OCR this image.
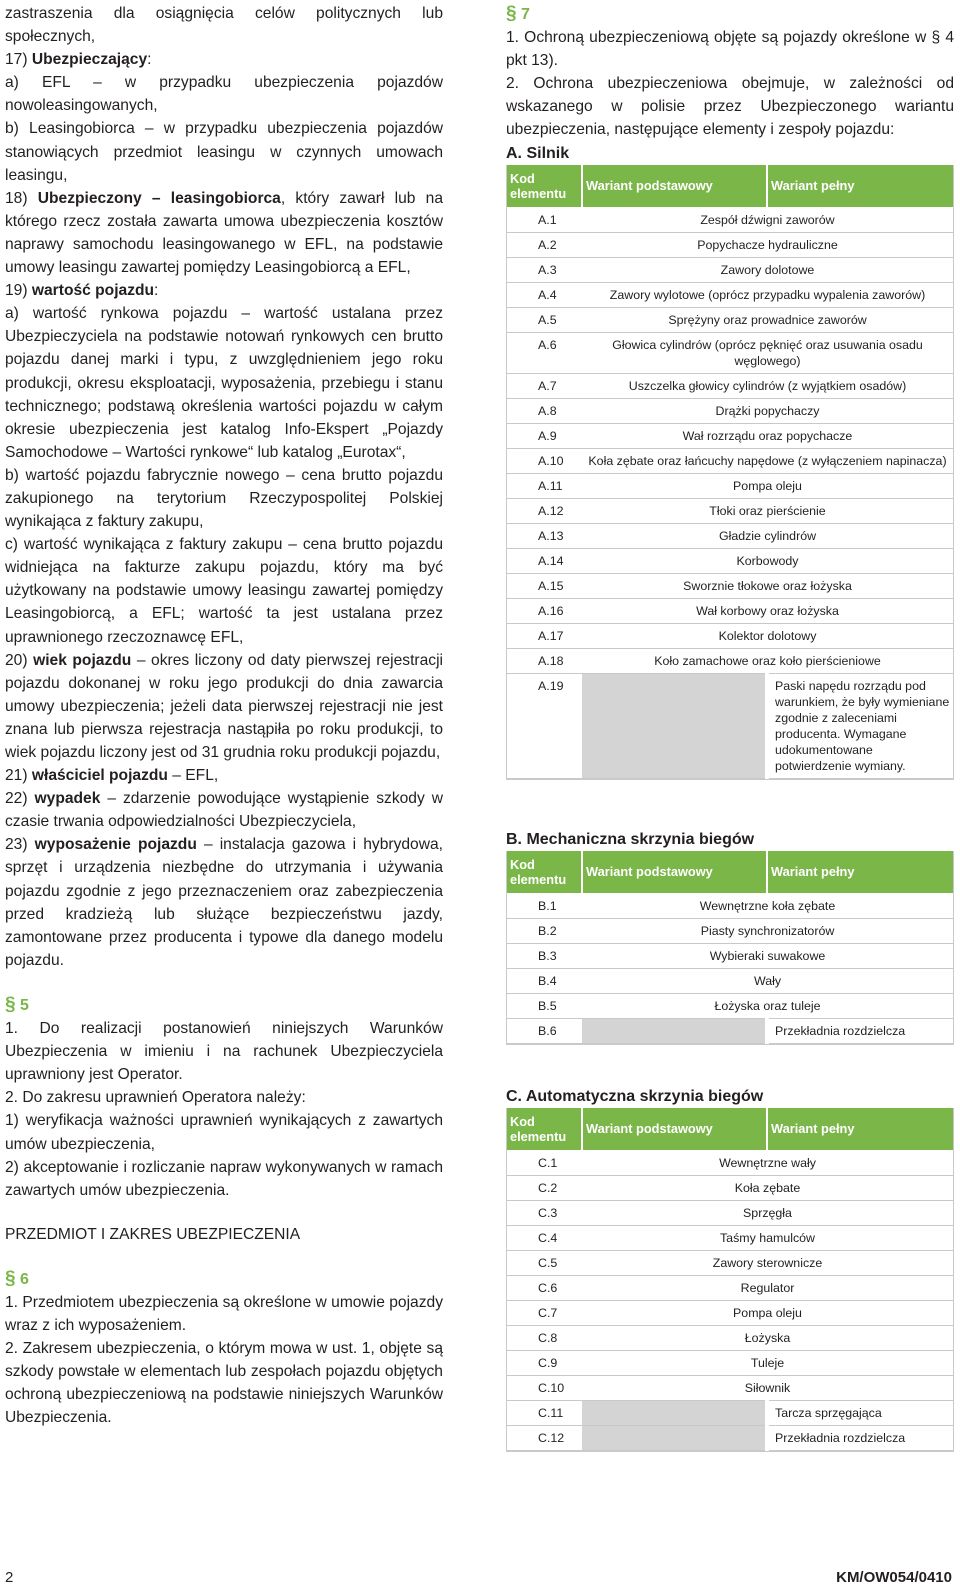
zastraszenia dla osiągnięcia celów politycznych lub społecznych,

17) Ubezpieczający:

a) EFL – w przypadku ubezpieczenia pojazdów nowoleasingowanych,

b) Leasingobiorca – w przypadku ubezpieczenia pojazdów stanowiących przedmiot leasingu w czynnych umowach leasingu,

18) Ubezpieczony – leasingobiorca, który zawarł lub na którego rzecz została zawarta umowa ubezpieczenia kosztów naprawy samochodu leasingowanego w EFL, na podstawie umowy leasingu zawartej pomiędzy Leasingobiorcą a EFL,

19) wartość pojazdu:

a) wartość rynkowa pojazdu – wartość ustalana przez Ubezpieczyciela na podstawie notowań rynkowych cen brutto pojazdu danej marki i typu, z uwzględnieniem jego roku produkcji, okresu eksploatacji, wyposażenia, przebiegu i stanu technicznego; podstawą określenia wartości pojazdu w całym okresie ubezpieczenia jest katalog Info-Ekspert „Pojazdy Samochodowe – Wartości rynkowe“ lub katalog „Eurotax“,

b) wartość pojazdu fabrycznie nowego – cena brutto pojazdu zakupionego na terytorium Rzeczypospolitej Polskiej wynikająca z faktury zakupu,

c) wartość wynikająca z faktury zakupu – cena brutto pojazdu widniejąca na fakturze zakupu pojazdu, który ma być użytkowany na podstawie umowy leasingu zawartej pomiędzy Leasingobiorcą, a EFL; wartość ta jest ustalana przez uprawnionego rzeczoznawcę EFL,

20) wiek pojazdu – okres liczony od daty pierwszej rejestracji pojazdu dokonanej w roku jego produkcji do dnia zawarcia umowy ubezpieczenia; jeżeli data pierwszej rejestracji nie jest znana lub pierwsza rejestracja nastąpiła po roku produkcji, to wiek pojazdu liczony jest od 31 grudnia roku produkcji pojazdu,

21) właściciel pojazdu – EFL,

22) wypadek – zdarzenie powodujące wystąpienie szkody w czasie trwania odpowiedzialności Ubezpieczyciela,

23) wyposażenie pojazdu – instalacja gazowa i hybrydowa, sprzęt i urządzenia niezbędne do utrzymania i używania pojazdu zgodnie z jego przeznaczeniem oraz zabezpieczenia przed kradzieżą lub służące bezpieczeństwu jazdy, zamontowane przez producenta i typowe dla danego modelu pojazdu.

§ 5

1. Do realizacji postanowień niniejszych Warunków Ubezpieczenia w imieniu i na rachunek Ubezpieczyciela uprawniony jest Operator.

2. Do zakresu uprawnień Operatora należy:

1) weryfikacja ważności uprawnień wynikających z zawartych umów ubezpieczenia,

2) akceptowanie i rozliczanie napraw wykonywanych w ramach zawartych umów ubezpieczenia.

PRZEDMIOT I ZAKRES UBEZPIECZENIA

§ 6

1. Przedmiotem ubezpieczenia są określone w umowie pojazdy wraz z ich wyposażeniem.

2. Zakresem ubezpieczenia, o którym mowa w ust. 1, objęte są szkody powstałe w elementach lub zespołach pojazdu objętych ochroną ubezpieczeniową na podstawie niniejszych Warunków Ubezpieczenia.

§ 7

1. Ochroną ubezpieczeniową objęte są pojazdy określone w § 4 pkt 13).

2. Ochrona ubezpieczeniowa obejmuje, w zależności od wskazanego w polisie przez Ubezpieczonego wariantu ubezpieczenia, następujące elementy i zespoły pojazdu:

A. Silnik

Kod elementu	Wariant podstawowy	Wariant pełny
A.1	Zespół dźwigni zaworów	
A.2	Popychacze hydrauliczne	
A.3	Zawory dolotowe	
A.4	Zawory wylotowe (oprócz przypadku wypalenia zaworów)	
A.5	Sprężyny oraz prowadnice zaworów	
A.6	Głowica cylindrów (oprócz pęknięć oraz usuwania osadu węglowego)	
A.7	Uszczelka głowicy cylindrów (z wyjątkiem osadów)	
A.8	Drążki popychaczy	
A.9	Wał rozrządu oraz popychacze	
A.10	Koła zębate oraz łańcuchy napędowe (z wyłączeniem napinacza)	
A.11	Pompa oleju	
A.12	Tłoki oraz pierścienie	
A.13	Gładzie cylindrów	
A.14	Korbowody	
A.15	Sworznie tłokowe oraz łożyska	
A.16	Wał korbowy oraz łożyska	
A.17	Kolektor dolotowy	
A.18	Koło zamachowe oraz koło pierścieniowe	
A.19		Paski napędu rozrządu pod warunkiem, że były wymieniane zgodnie z zaleceniami producenta. Wymagane udokumentowane potwierdzenie wymiany.

B. Mechaniczna skrzynia biegów

Kod elementu	Wariant podstawowy	Wariant pełny
B.1	Wewnętrzne koła zębate	
B.2	Piasty synchronizatorów	
B.3	Wybieraki suwakowe	
B.4	Wały	
B.5	Łożyska oraz tuleje	
B.6		Przekładnia rozdzielcza

C. Automatyczna skrzynia biegów

Kod elementu	Wariant podstawowy	Wariant pełny
C.1	Wewnętrzne wały	
C.2	Koła zębate	
C.3	Sprzęgła	
C.4	Taśmy hamulców	
C.5	Zawory sterownicze	
C.6	Regulator	
C.7	Pompa oleju	
C.8	Łożyska	
C.9	Tuleje	
C.10	Siłownik	
C.11		Tarcza sprzęgająca
C.12		Przekładnia rozdzielcza
2	KM/OW054/0410
